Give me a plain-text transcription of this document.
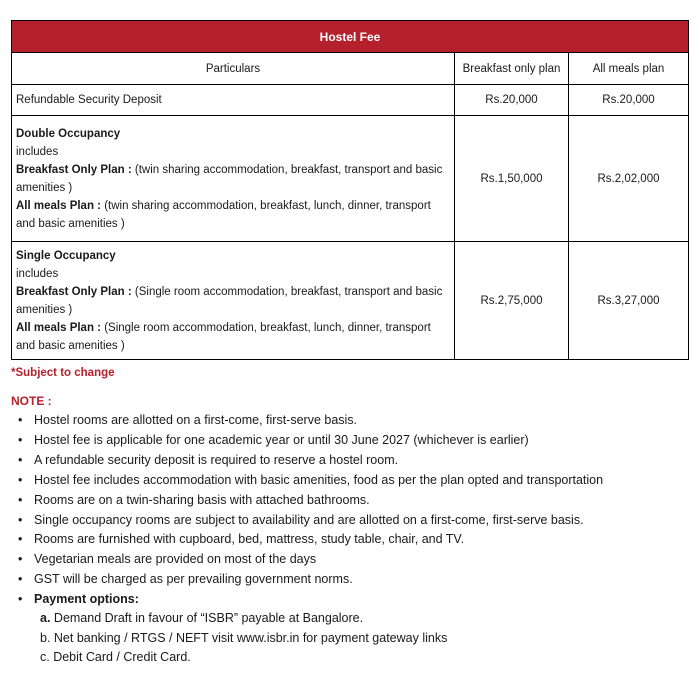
Hostel Fee		
Particulars	Breakfast only plan	All meals plan
Refundable Security Deposit	Rs.20,000	Rs.20,000

Double Occupancy
includes
Breakfast Only Plan : (twin sharing accommodation, breakfast, transport and basic amenities )
All meals Plan : (twin sharing accommodation, breakfast, lunch, dinner, transport and basic amenities )	Rs.1,50,000	Rs.2,02,000

Single Occupancy
includes
Breakfast Only Plan : (Single room accommodation, breakfast, transport and basic amenities )
All meals Plan : (Single room accommodation, breakfast, lunch, dinner, transport and basic amenities )	Rs.2,75,000	Rs.3,27,000
*Subject to change
NOTE :
• Hostel rooms are allotted on a first-come, first-serve basis.
• Hostel fee is applicable for one academic year or until 30 June 2027 (whichever is earlier)
• A refundable security deposit is required to reserve a hostel room.
• Hostel fee includes accommodation with basic amenities, food as per the plan opted and transportation
• Rooms are on a twin-sharing basis with attached bathrooms.
• Single occupancy rooms are subject to availability and are allotted on a first-come, first-serve basis.
• Rooms are furnished with cupboard, bed, mattress, study table, chair, and TV.
• Vegetarian meals are provided on most of the days
• GST will be charged as per prevailing government norms.
• Payment options:
a. Demand Draft in favour of “ISBR” payable at Bangalore.
b. Net banking / RTGS / NEFT visit www.isbr.in for payment gateway links
c. Debit Card / Credit Card.
